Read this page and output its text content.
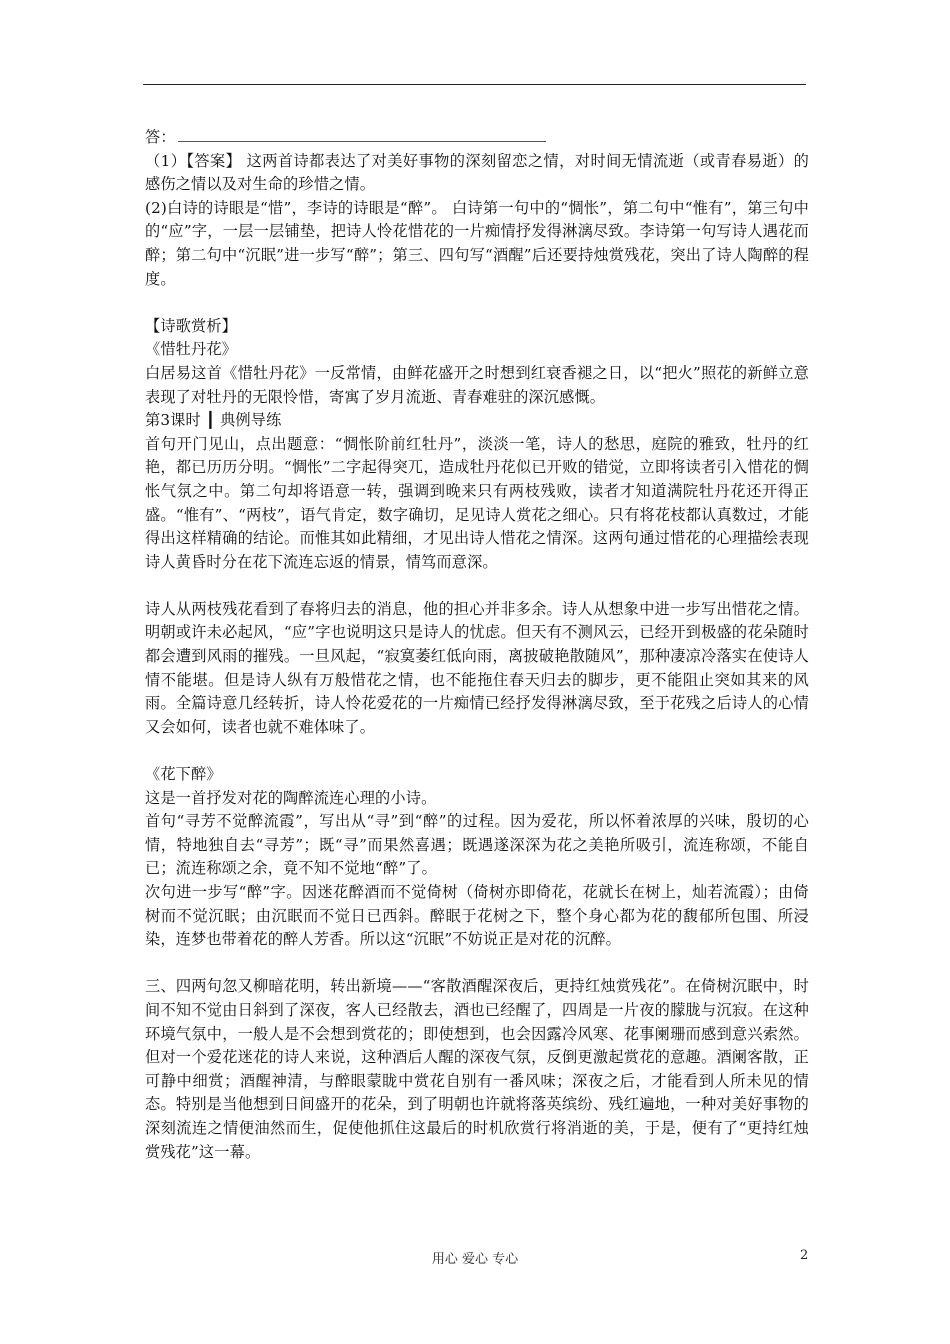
答：

（1）【答案】 这两首诗都表达了对美好事物的深刻留恋之情，对时间无情流逝（或青春易逝）的感伤之情以及对生命的珍惜之情。

(2)白诗的诗眼是“惜”，李诗的诗眼是“醉”。 白诗第一句中的“惆怅”，第二句中“惟有”，第三句中的“应”字，一层一层铺垫，把诗人怜花惜花的一片痴情抒发得淋漓尽致。李诗第一句写诗人遇花而醉；第二句中“沉眠”进一步写“醉”；第三、四句写“酒醒”后还要持烛赏残花，突出了诗人陶醉的程度。

【诗歌赏析】

《惜牡丹花》

白居易这首《惜牡丹花》一反常情，由鲜花盛开之时想到红衰香褪之日，以“把火”照花的新鲜立意表现了对牡丹的无限怜惜，寄寓了岁月流逝、青春难驻的深沉感慨。

第3课时 ┃ 典例导练

首句开门见山，点出题意：“惆怅阶前红牡丹”，淡淡一笔，诗人的愁思，庭院的雅致，牡丹的红艳，都已历历分明。“惆怅”二字起得突兀，造成牡丹花似已开败的错觉，立即将读者引入惜花的惆怅气氛之中。第二句却将语意一转，强调到晚来只有两枝残败，读者才知道满院牡丹花还开得正盛。“惟有”、“两枝”，语气肯定，数字确切，足见诗人赏花之细心。只有将花枝都认真数过，才能得出这样精确的结论。而惟其如此精细，才见出诗人惜花之情深。这两句通过惜花的心理描绘表现诗人黄昏时分在花下流连忘返的情景，情笃而意深。

诗人从两枝残花看到了春将归去的消息，他的担心并非多余。诗人从想象中进一步写出惜花之情。明朝或许未必起风，“应”字也说明这只是诗人的忧虑。但天有不测风云，已经开到极盛的花朵随时都会遭到风雨的摧残。一旦风起，“寂寞萎红低向雨，离披破艳散随风”，那种凄凉冷落实在使诗人情不能堪。但是诗人纵有万般惜花之情，也不能拖住春天归去的脚步，更不能阻止突如其来的风雨。全篇诗意几经转折，诗人怜花爱花的一片痴情已经抒发得淋漓尽致，至于花残之后诗人的心情又会如何，读者也就不难体味了。

《花下醉》

这是一首抒发对花的陶醉流连心理的小诗。

首句“寻芳不觉醉流霞”，写出从“寻”到“醉”的过程。因为爱花，所以怀着浓厚的兴味，殷切的心情，特地独自去“寻芳”；既“寻”而果然喜遇；既遇遂深深为花之美艳所吸引，流连称颂，不能自已；流连称颂之余，竟不知不觉地“醉”了。

次句进一步写“醉”字。因迷花醉酒而不觉倚树（倚树亦即倚花，花就长在树上，灿若流霞）；由倚树而不觉沉眠；由沉眠而不觉日已西斜。醉眠于花树之下，整个身心都为花的馥郁所包围、所浸染，连梦也带着花的醉人芳香。所以这“沉眠”不妨说正是对花的沉醉。

三、四两句忽又柳暗花明，转出新境——“客散酒醒深夜后，更持红烛赏残花”。在倚树沉眠中，时间不知不觉由日斜到了深夜，客人已经散去，酒也已经醒了，四周是一片夜的朦胧与沉寂。在这种环境气氛中，一般人是不会想到赏花的；即使想到，也会因露冷风寒、花事阑珊而感到意兴索然。但对一个爱花迷花的诗人来说，这种酒后人醒的深夜气氛，反倒更激起赏花的意趣。酒阑客散，正可静中细赏；酒醒神清，与醉眼蒙眬中赏花自别有一番风味；深夜之后，才能看到人所未见的情态。特别是当他想到日间盛开的花朵，到了明朝也许就将落英缤纷、残红遍地，一种对美好事物的深刻流连之情便油然而生，促使他抓住这最后的时机欣赏行将消逝的美，于是，便有了“更持红烛赏残花”这一幕。

用心 爱心 专心	2
